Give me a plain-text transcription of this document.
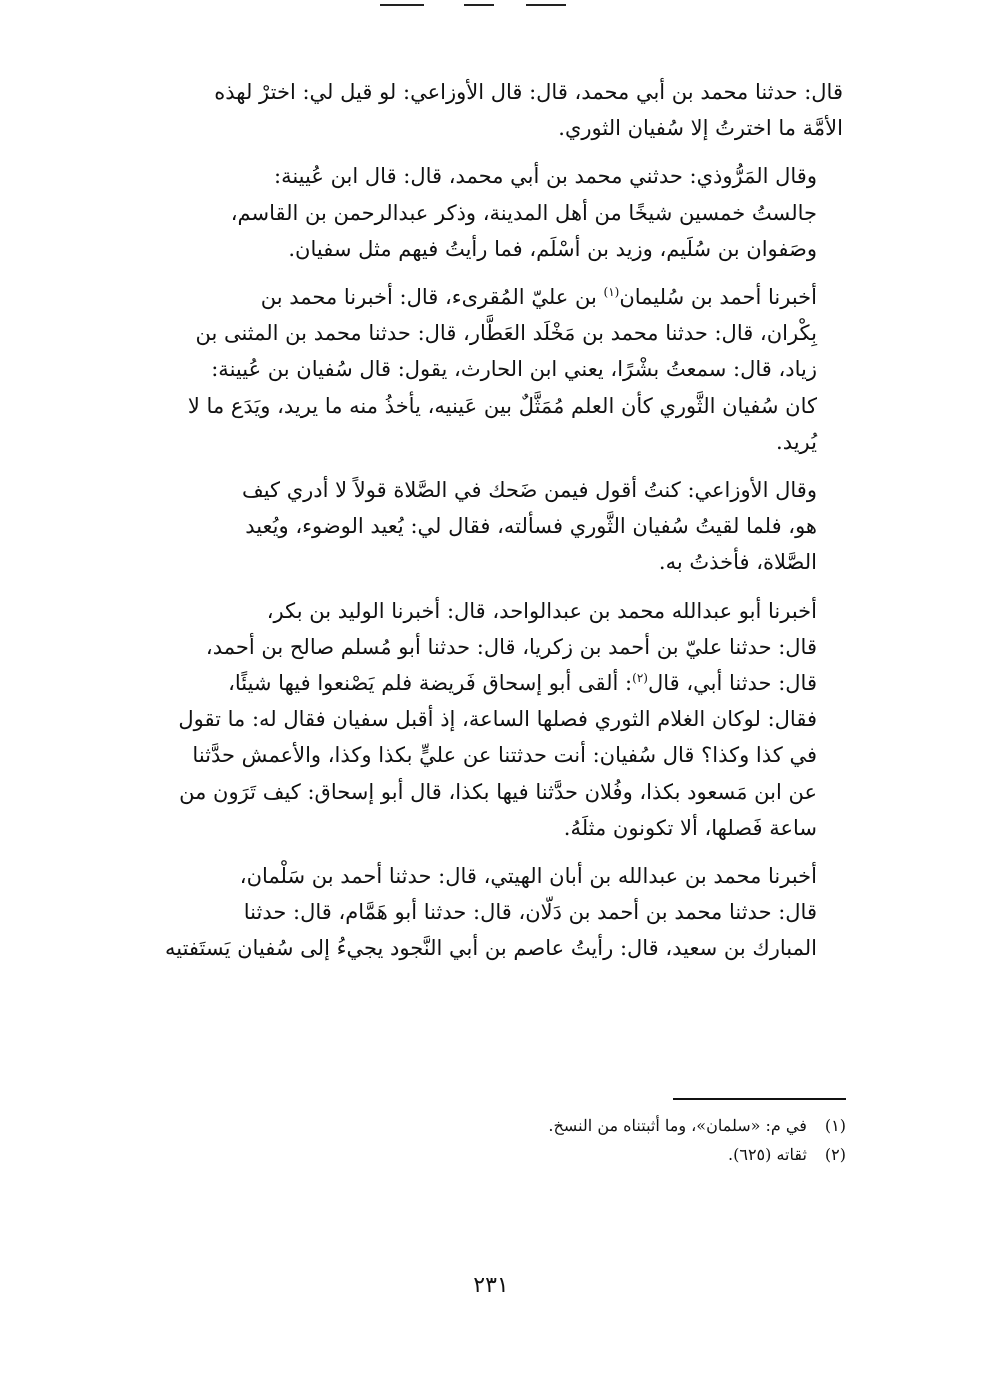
قال: حدثنا محمد بن أبي محمد، قال: قال الأوزاعي: لو قيل لي: اخترْ لهذه
الأمَّة ما اخترتُ إلا سُفيان الثوري.

وقال المَرُّوذي: حدثني محمد بن أبي محمد، قال: قال ابن عُيينة:
جالستُ خمسين شيخًا من أهل المدينة، وذكر عبدالرحمن بن القاسم،
وصَفوان بن سُلَيم، وزيد بن أسْلَم، فما رأيتُ فيهم مثل سفيان.

أخبرنا أحمد بن سُليمان$^{(١)}$ بن عليّ المُقرىء، قال: أخبرنا محمد بن
بِكْران، قال: حدثنا محمد بن مَخْلَد العَطَّار، قال: حدثنا محمد بن المثنى بن
زياد، قال: سمعتُ بشْرًا، يعني ابن الحارث، يقول: قال سُفيان بن عُيينة:
كان سُفيان الثَّوري كأن العلم مُمَثَّلٌ بين عَينيه، يأخذُ منه ما يريد، ويَدَع ما لا
يُريد.

وقال الأوزاعي: كنتُ أقول فيمن ضَحك في الصَّلاة قولاً لا أدري كيف
هو، فلما لقيتُ سُفيان الثَّوري فسألته، فقال لي: يُعيد الوضوء، ويُعيد
الصَّلاة، فأخذتُ به.

أخبرنا أبو عبدالله محمد بن عبدالواحد، قال: أخبرنا الوليد بن بكر،
قال: حدثنا عليّ بن أحمد بن زكريا، قال: حدثنا أبو مُسلم صالح بن أحمد،
قال: حدثنا أبي، قال$^{(٢)}$: ألقى أبو إسحاق فَريضة فلم يَصْنعوا فيها شيئًا،
فقال: لوكان الغلام الثوري فصلها الساعة، إذ أقبل سفيان فقال له: ما تقول
في كذا وكذا؟ قال سُفيان: أنت حدثتنا عن عليٍّ بكذا وكذا، والأعمش حدَّثنا
عن ابن مَسعود بكذا، وفُلان حدَّثنا فيها بكذا، قال أبو إسحاق: كيف تَرَون من
ساعة فَصلها، ألا تكونون مثلَهُ.

أخبرنا محمد بن عبدالله بن أبان الهيتي، قال: حدثنا أحمد بن سَلْمان،
قال: حدثنا محمد بن أحمد بن دَلّان، قال: حدثنا أبو هَمَّام، قال: حدثنا
المبارك بن سعيد، قال: رأيتُ عاصم بن أبي النَّجود يجيءُ إلى سُفيان يَستَفتيه

(١) في م: «سلمان»، وما أثبتناه من النسخ.
(٢) ثقاته (٦٢٥).
٢٣١
